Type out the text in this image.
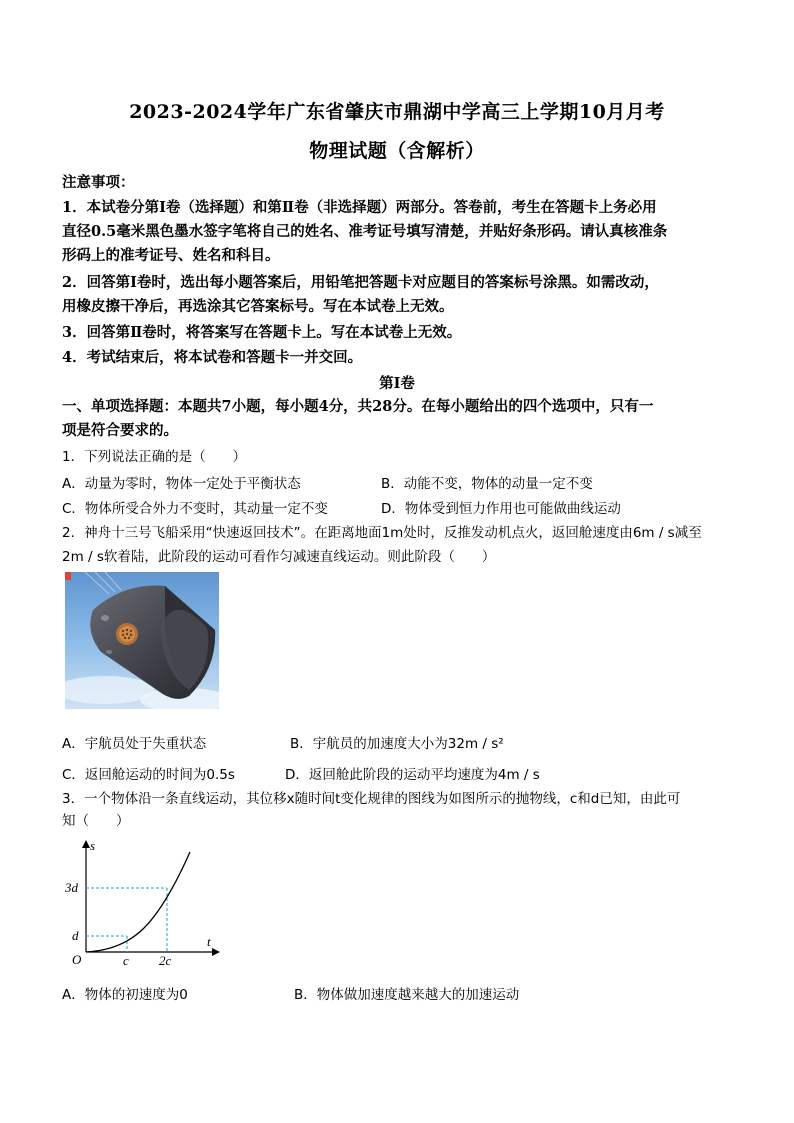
2023-2024学年广东省肇庆市鼎湖中学高三上学期10月月考
物理试题（含解析）
注意事项：
1．本试卷分第Ⅰ卷（选择题）和第Ⅱ卷（非选择题）两部分。答卷前，考生在答题卡上务必用
直径0.5毫米黑色墨水签字笔将自己的姓名、准考证号填写清楚，并贴好条形码。请认真核准条
形码上的准考证号、姓名和科目。
2．回答第Ⅰ卷时，选出每小题答案后，用铅笔把答题卡对应题目的答案标号涂黑。如需改动，
用橡皮擦干净后，再选涂其它答案标号。写在本试卷上无效。
3．回答第Ⅱ卷时，将答案写在答题卡上。写在本试卷上无效。
4．考试结束后，将本试卷和答题卡一并交回。
第Ⅰ卷
一、单项选择题：本题共7小题，每小题4分，共28分。在每小题给出的四个选项中，只有一
项是符合要求的。
1．下列说法正确的是（　　）
A．动量为零时，物体一定处于平衡状态	B．动能不变，物体的动量一定不变
C．物体所受合外力不变时，其动量一定不变	D．物体受到恒力作用也可能做曲线运动
2．神舟十三号飞船采用“快速返回技术”。在距离地面1m处时，反推发动机点火，返回舱速度由6m / s减至
2m / s软着陆，此阶段的运动可看作匀减速直线运动。则此阶段（　　）
A．宇航员处于失重状态	B．宇航员的加速度大小为32m / s²
C．返回舱运动的时间为0.5s	D．返回舱此阶段的运动平均速度为4m / s
3．一个物体沿一条直线运动，其位移x随时间t变化规律的图线为如图所示的抛物线，c和d已知，由此可
知（　　）
s
t
O
3d
d
c 2c
A．物体的初速度为0	B．物体做加速度越来越大的加速运动
